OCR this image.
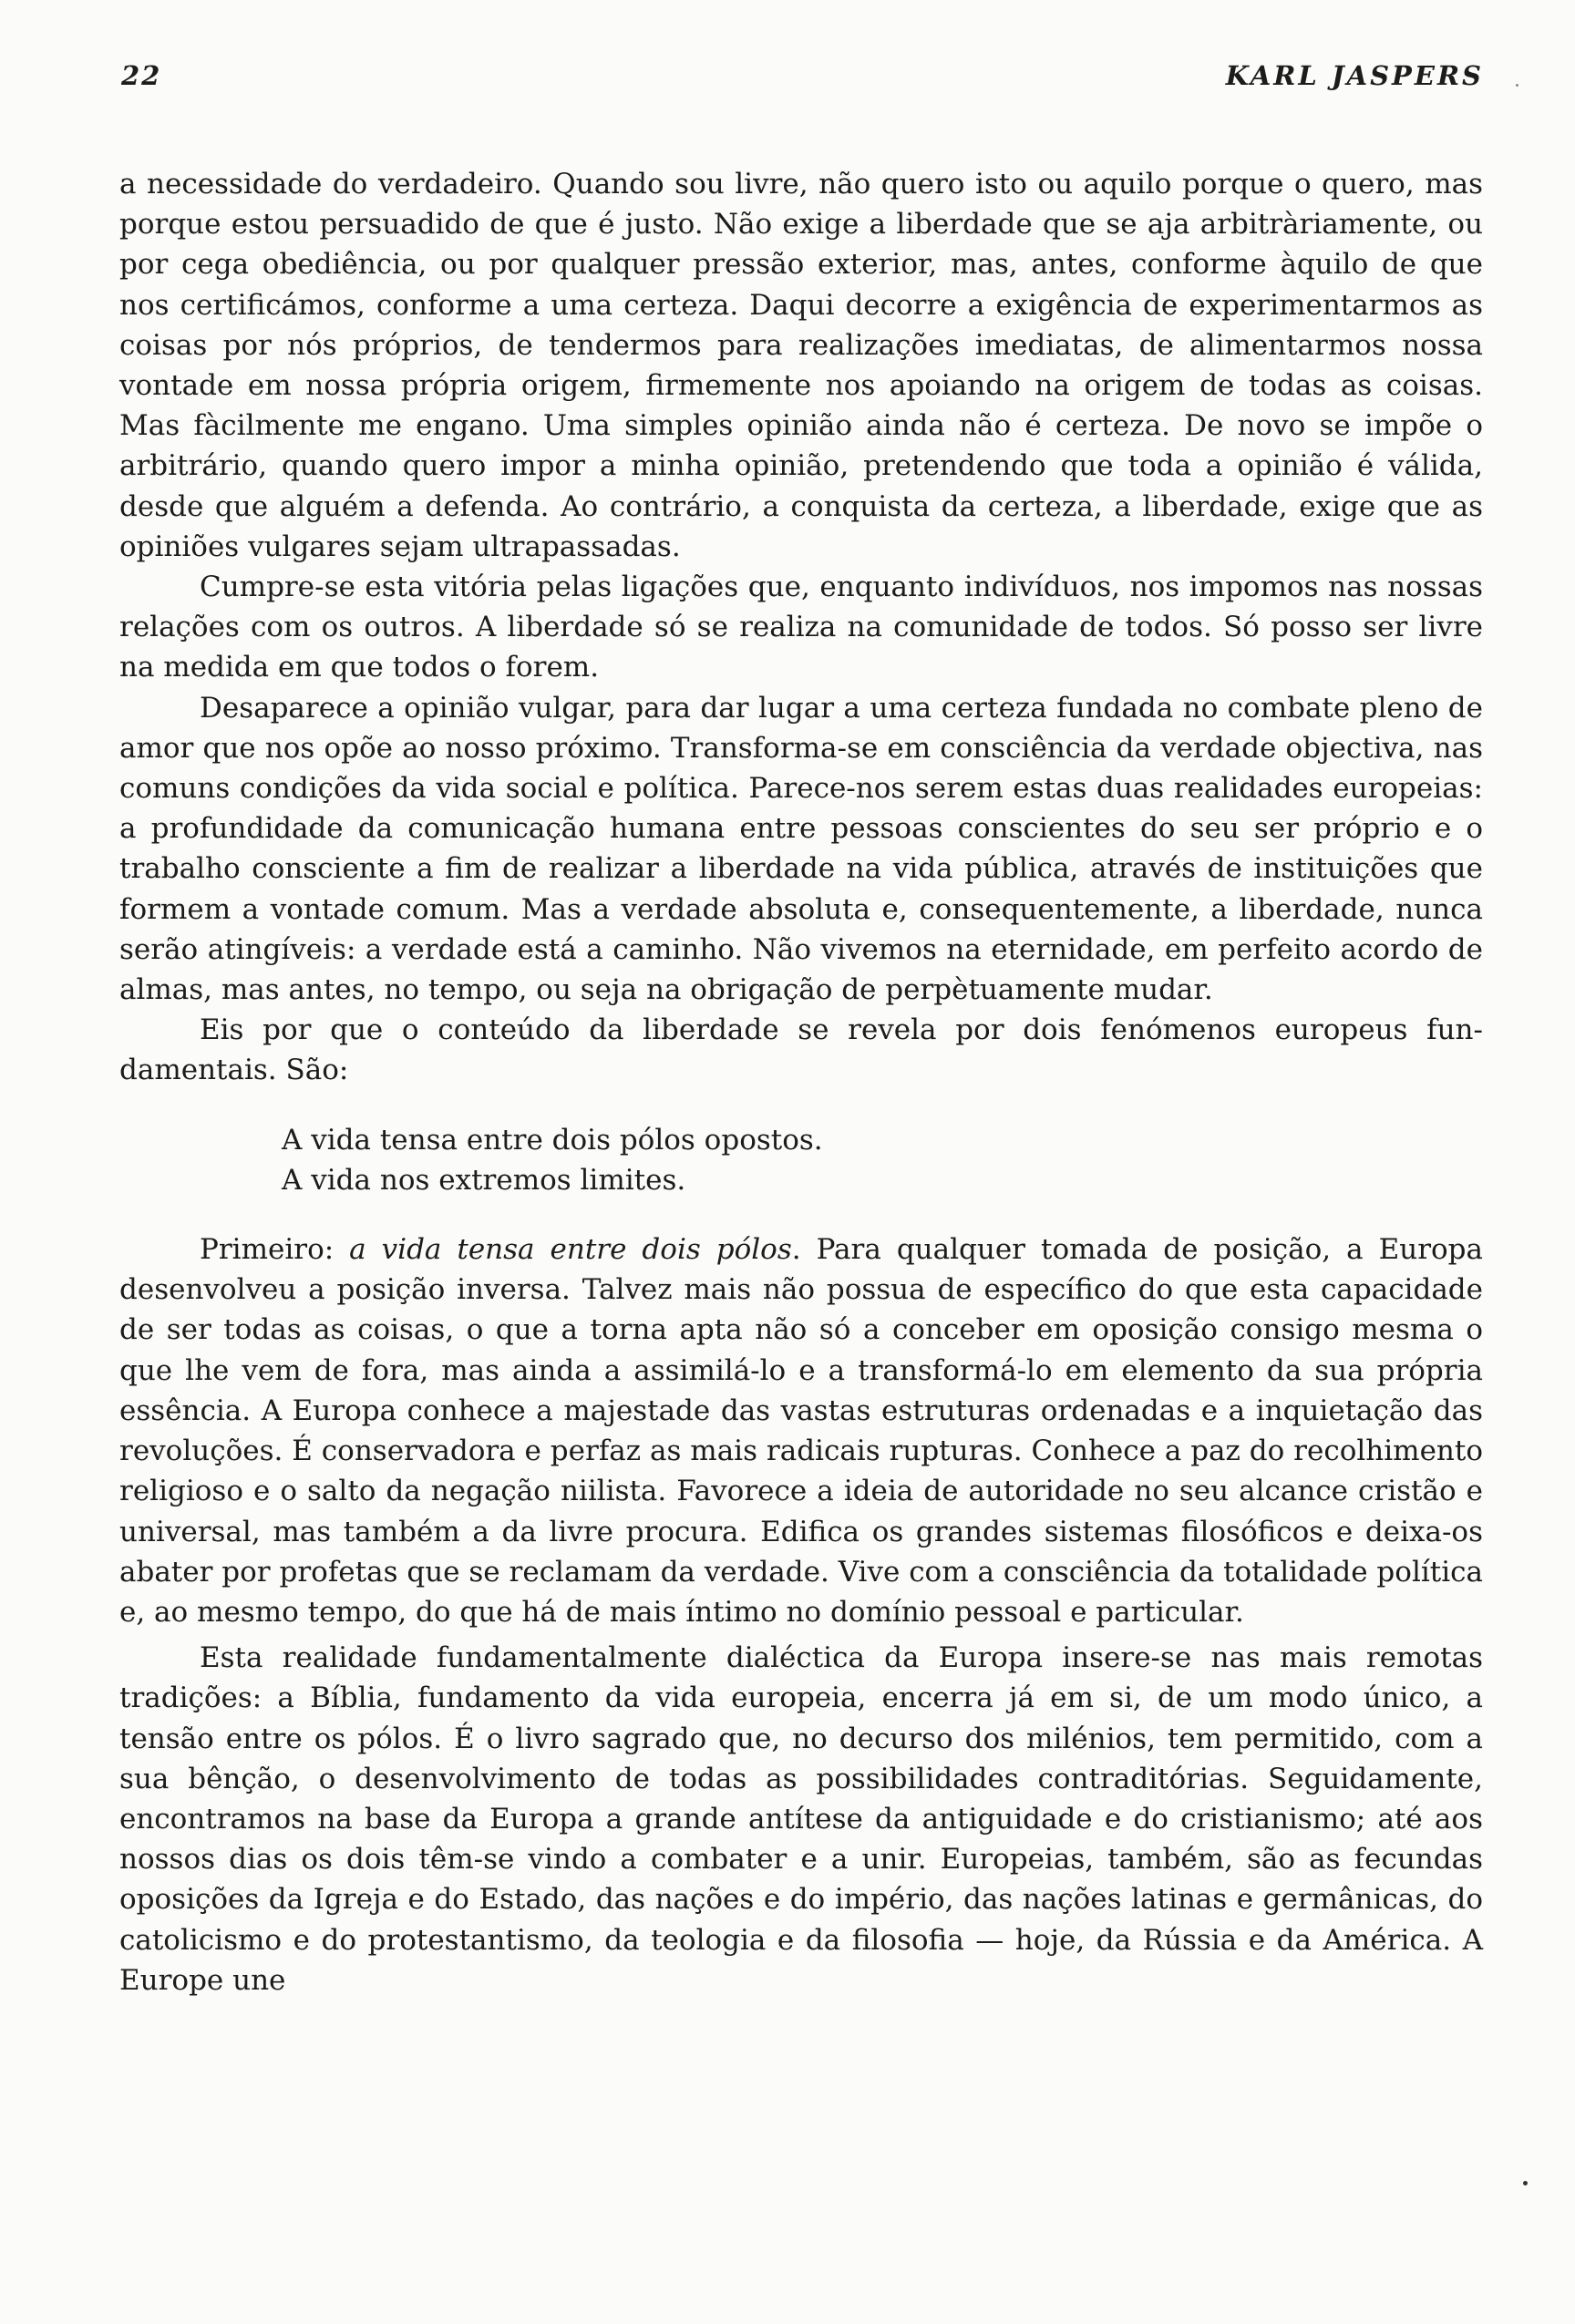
22	KARL JASPERS

a necessidade do verdadeiro. Quando sou livre, não quero isto ou aquilo porque o quero, mas porque estou persuadido de que é justo. Não exige a liberdade que se aja arbitràriamente, ou por cega obediência, ou por qualquer pressão exterior, mas, antes, conforme àquilo de que nos certificámos, conforme a uma certeza. Daqui decorre a exigência de experimentarmos as coisas por nós próprios, de tendermos para realizações imediatas, de alimentarmos nossa vontade em nossa própria origem, firmemente nos apoiando na origem de todas as coisas. Mas fàcilmente me engano. Uma simples opinião ainda não é certeza. De novo se impõe o arbitrário, quando quero impor a minha opinião, pretendendo que toda a opinião é válida, desde que alguém a defenda. Ao contrário, a conquista da certeza, a liberdade, exige que as opiniões vulgares sejam ultrapassadas.

Cumpre-se esta vitória pelas ligações que, enquanto indivíduos, nos impomos nas nossas relações com os outros. A liberdade só se realiza na comunidade de todos. Só posso ser livre na medida em que todos o forem.

Desaparece a opinião vulgar, para dar lugar a uma certeza fundada no combate pleno de amor que nos opõe ao nosso próximo. Transforma-se em consciência da verdade objectiva, nas comuns condições da vida social e política. Parece-nos serem estas duas realidades europeias: a profundidade da comunicação humana entre pessoas conscientes do seu ser próprio e o trabalho consciente a fim de realizar a liberdade na vida pública, através de instituições que formem a vontade comum. Mas a verdade absoluta e, consequentemente, a liberdade, nunca serão atingíveis: a verdade está a caminho. Não vivemos na eternidade, em perfeito acordo de almas, mas antes, no tempo, ou seja na obrigação de perpètuamente mudar.

Eis por que o conteúdo da liberdade se revela por dois fenómenos europeus fundamentais. São:

A vida tensa entre dois pólos opostos.
A vida nos extremos limites.

Primeiro: a vida tensa entre dois pólos. Para qualquer tomada de posição, a Europa desenvolveu a posição inversa. Talvez mais não possua de específico do que esta capacidade de ser todas as coisas, o que a torna apta não só a conceber em oposição consigo mesma o que lhe vem de fora, mas ainda a assimilá-lo e a transformá-lo em elemento da sua própria essência. A Europa conhece a majestade das vastas estruturas ordenadas e a inquietação das revoluções. É conservadora e perfaz as mais radicais rupturas. Conhece a paz do recolhimento religioso e o salto da negação niilista. Favorece a ideia de autoridade no seu alcance cristão e universal, mas também a da livre procura. Edifica os grandes sistemas filosóficos e deixa-os abater por profetas que se reclamam da verdade. Vive com a consciência da totalidade política e, ao mesmo tempo, do que há de mais íntimo no domínio pessoal e particular.

Esta realidade fundamentalmente dialéctica da Europa insere-se nas mais remotas tradições: a Bíblia, fundamento da vida europeia, encerra já em si, de um modo único, a tensão entre os pólos. É o livro sagrado que, no decurso dos milénios, tem permitido, com a sua bênção, o desenvolvimento de todas as possibilidades contraditórias. Seguidamente, encontramos na base da Europa a grande antítese da antiguidade e do cristianismo; até aos nossos dias os dois têm-se vindo a combater e a unir. Europeias, também, são as fecundas oposições da Igreja e do Estado, das nações e do império, das nações latinas e germânicas, do catolicismo e do protestantismo, da teologia e da filosofia — hoje, da Rússia e da América. A Europe une
